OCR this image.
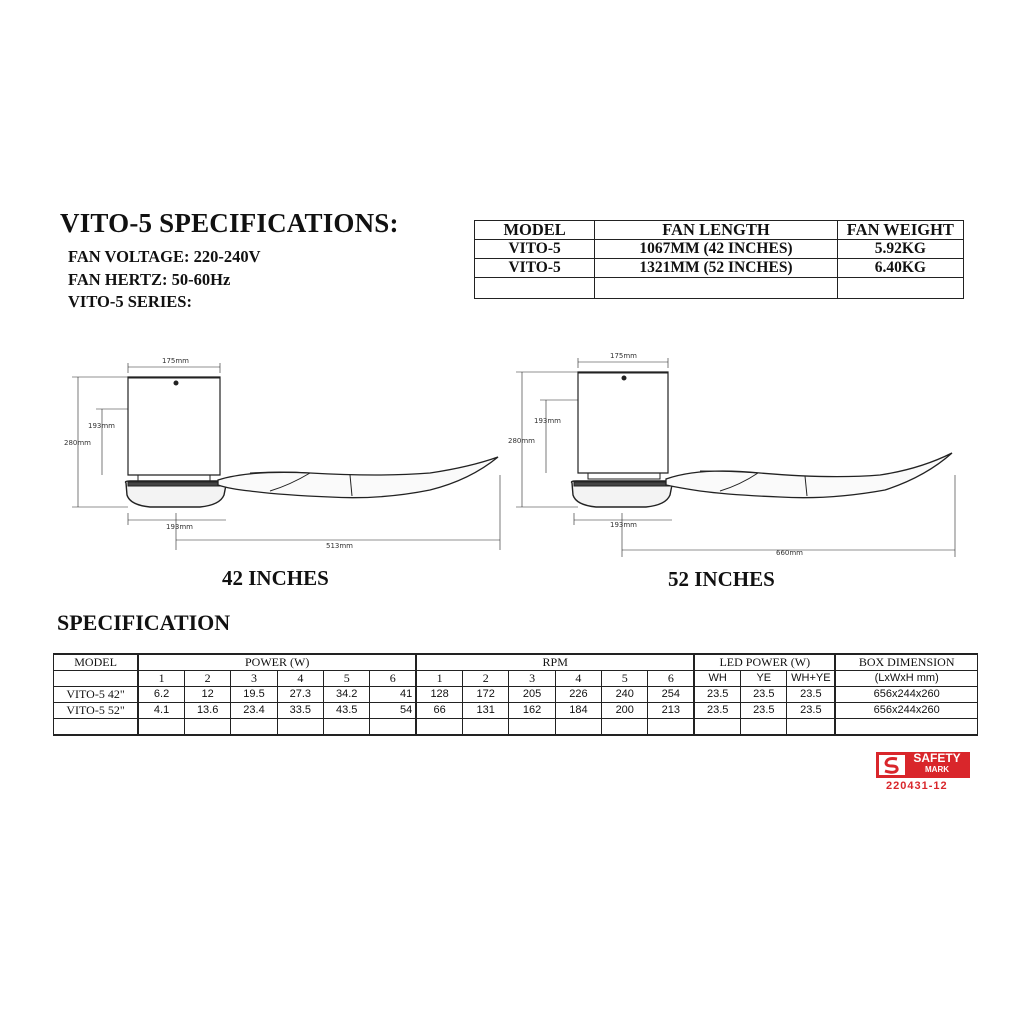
VITO-5 SPECIFICATIONS:
FAN VOLTAGE: 220-240V
FAN HERTZ: 50-60Hz
VITO-5 SERIES:
MODEL	FAN LENGTH	FAN WEIGHT
VITO-5	1067MM (42 INCHES)	5.92KG
VITO-5	1321MM (52 INCHES)	6.40KG

175mm
193mm
280mm
193mm
513mm
175mm
193mm
280mm
193mm
660mm
42 INCHES	52 INCHES
SPECIFICATION
MODEL	POWER (W)						RPM						LED POWER (W)			BOX DIMENSION
	1	2	3	4	5	6	1	2	3	4	5	6	WH	YE	WH+YE	(LxWxH mm)
VITO-5 42"	6.2	12	19.5	27.3	34.2	41	128	172	205	226	240	254	23.5	23.5	23.5	656x244x260
VITO-5 52"	4.1	13.6	23.4	33.5	43.5	54	66	131	162	184	200	213	23.5	23.5	23.5	656x244x260

SAFETY
MARK
220431-12
